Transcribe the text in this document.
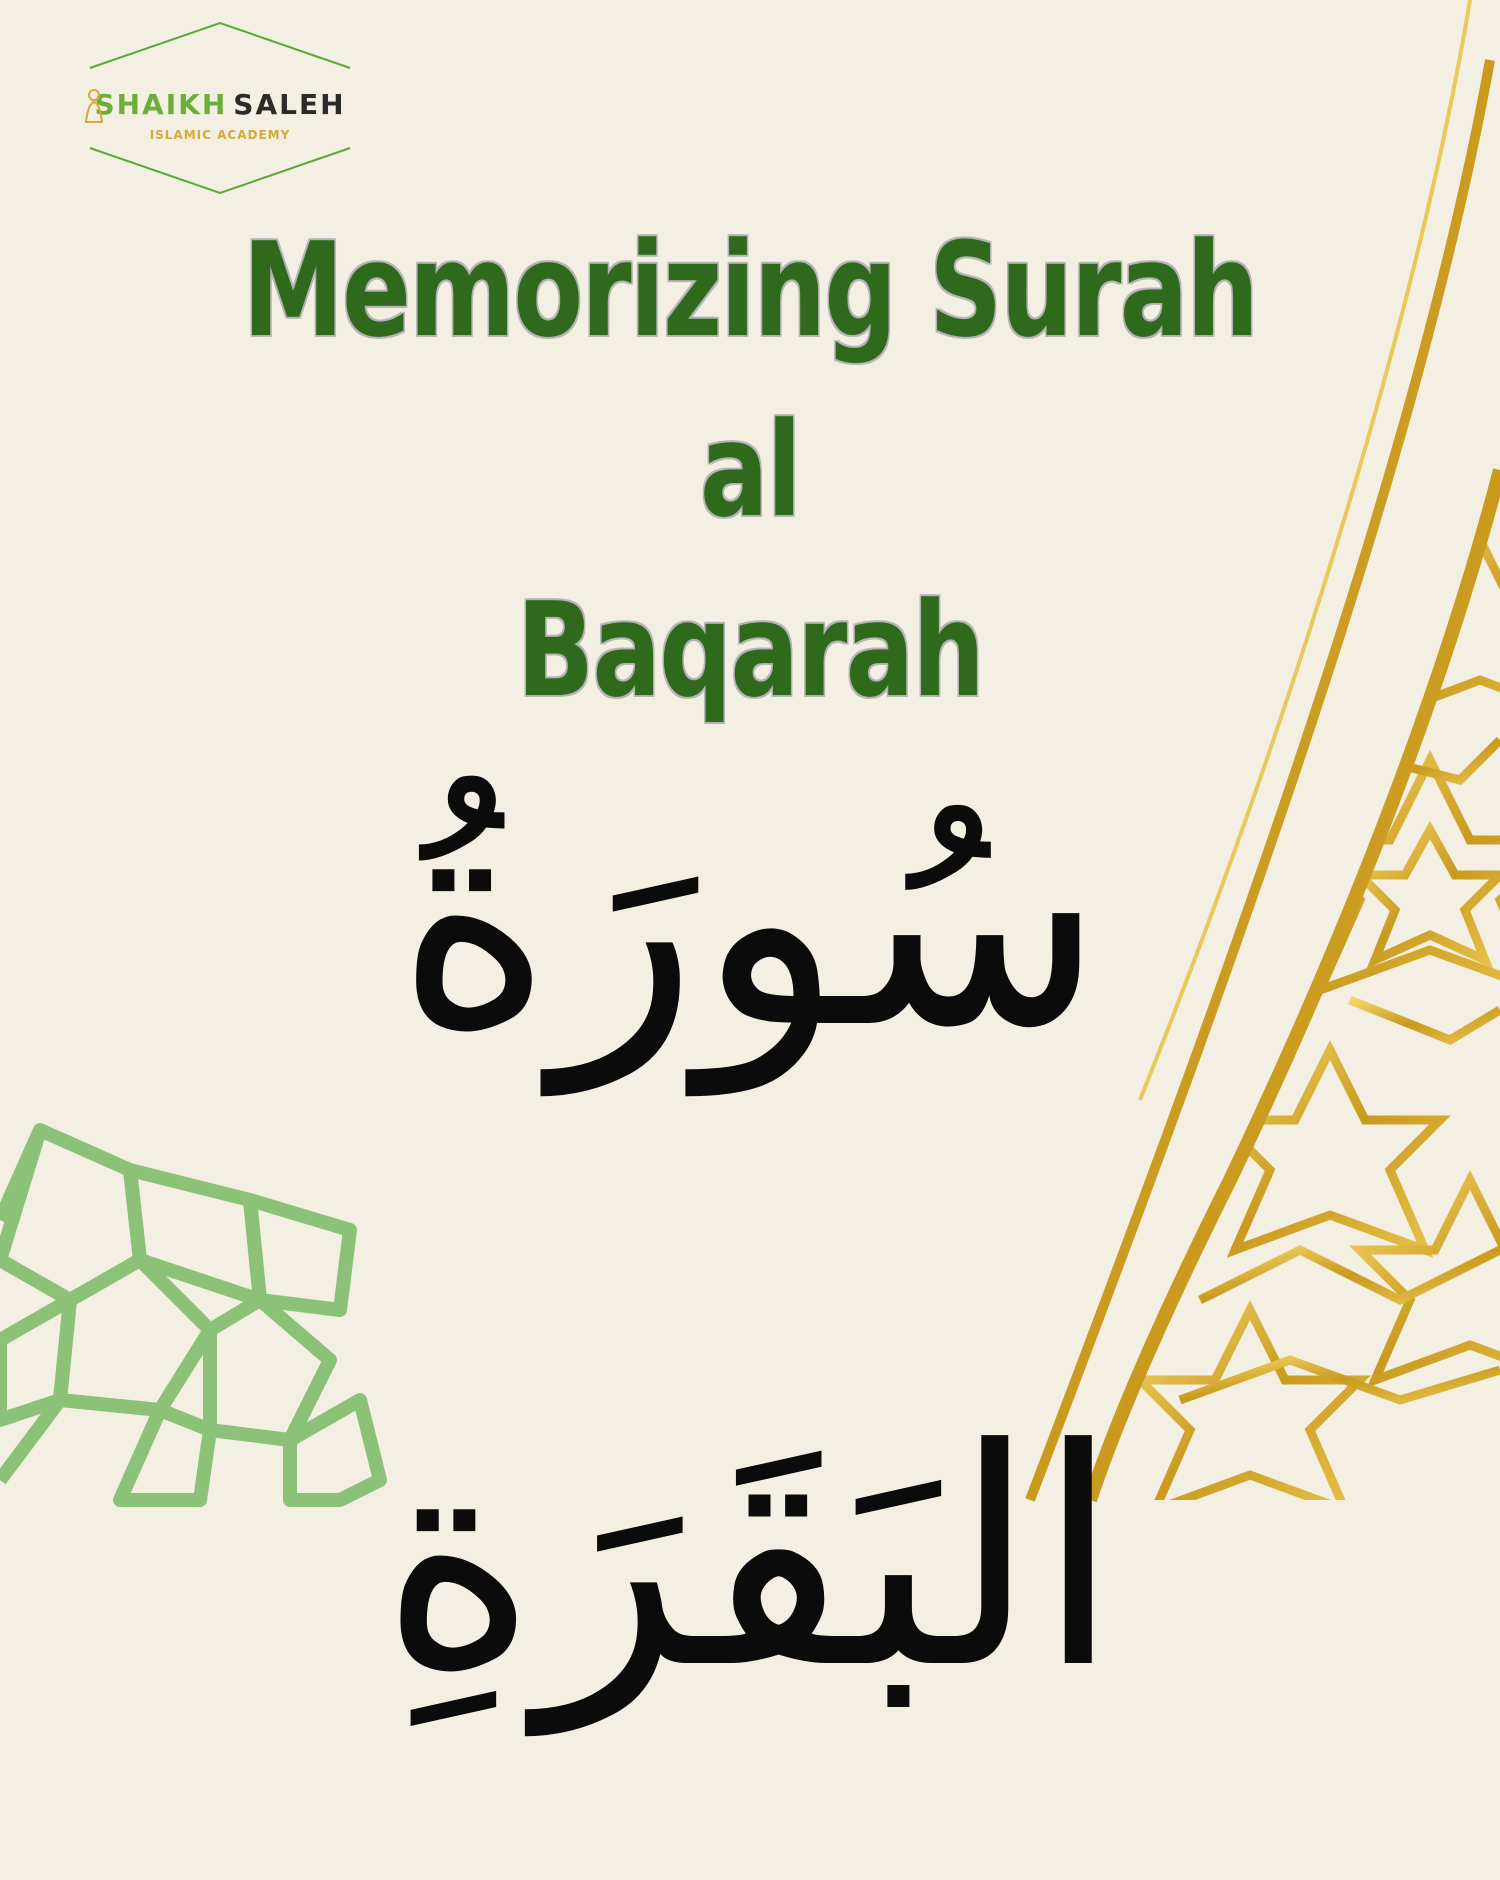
SHAIKH SALEH
ISLAMIC ACADEMY
Memorizing Surah al
Baqarah
سُورَةُ البَقَرَةِ
